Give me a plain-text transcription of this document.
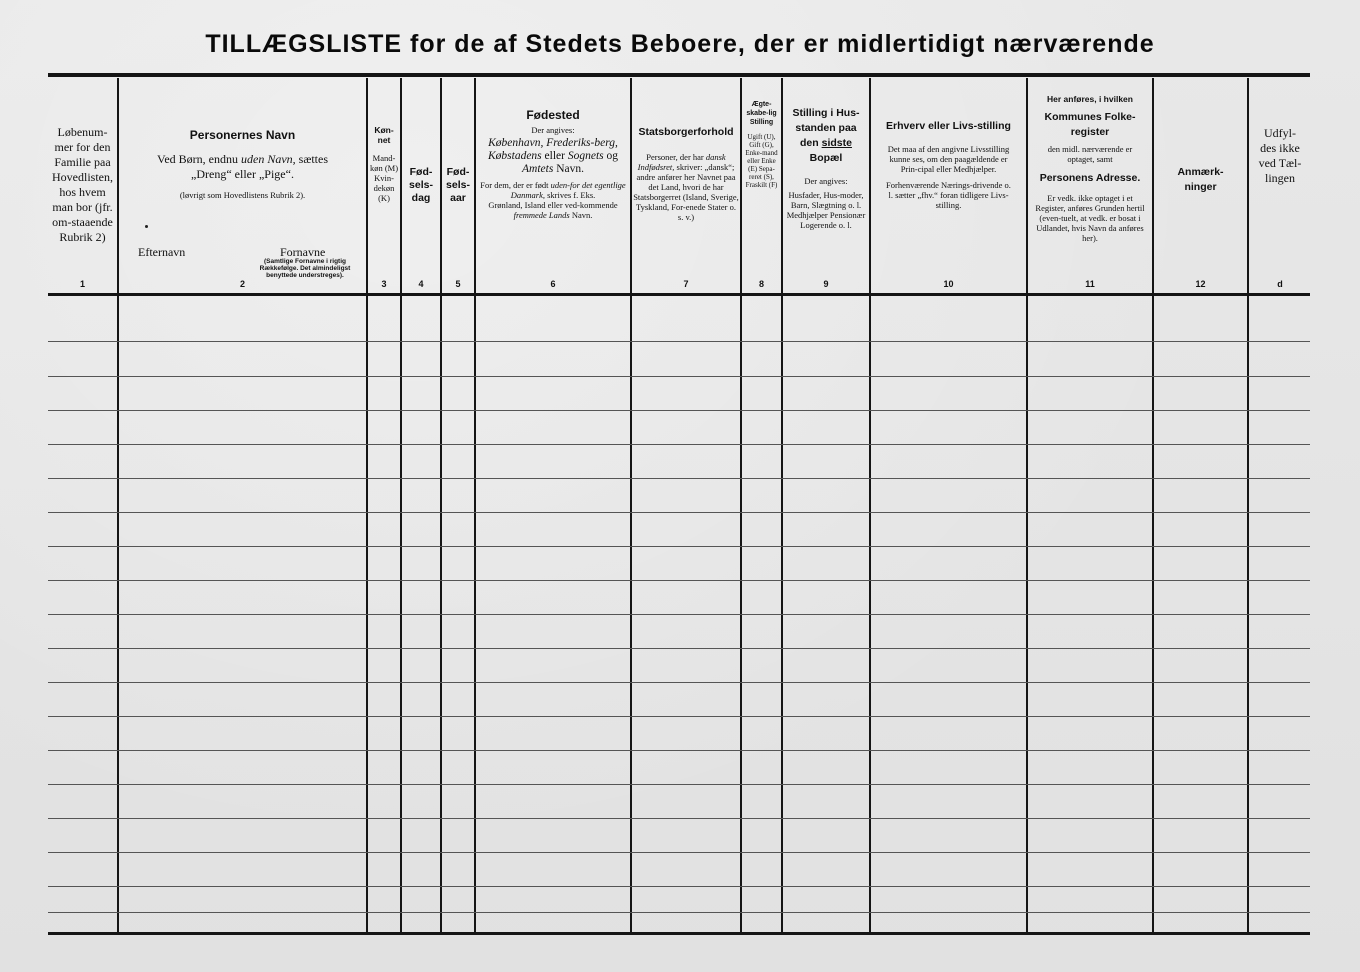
TILLÆGSLISTE for de af Stedets Beboere, der er midlertidigt nærværende
Løbenum-mer for den Familie paa Hovedlisten, hos hvem man bor (jfr. om-staaende Rubrik 2)
1
Personernes Navn
Ved Børn, endnu uden Navn, sættes
„Dreng“ eller „Pige“.
(løvrigt som Hovedlistens Rubrik 2).
Efternavn	Fornavne
(Samtlige Fornavne i rigtig Rækkefølge. Det almindeligst benyttede understreges).
2
Køn-net
Mand-køn (M) Kvin-dekøn (K)
3
Fød-sels-dag
4
Fød-sels-aar
5
Fødested
Der angives:
København, Frederiks-berg, Købstadens eller Sognets og Amtets Navn.
For dem, der er født uden-for det egentlige Danmark, skrives f. Eks.
Grønland, Island eller ved-kommende fremmede Lands Navn.
6
Statsborgerforhold
Personer, der har dansk Indfødsret, skriver: „dansk“; andre anfører her Navnet paa det Land, hvori de har Statsborgerret (Island, Sverige, Tyskland, For-enede Stater o. s. v.)
7
Ægte-skabe-lig Stilling
Ugift (U), Gift (G), Enke-mand eller Enke (E) Sepa-reret (S), Fraskilt (F)
8
Stilling i Hus-standen paa den sidste Bopæl
Der angives:
Husfader, Hus-moder, Barn, Slægtning o. l. Medhjælper Pensionær Logerende o. l.
9
Erhverv eller Livs-stilling
Det maa af den angivne Livsstilling kunne ses, om den paagældende er Prin-cipal eller Medhjælper.
Forhenværende Nærings-drivende o. l. sætter „fhv.“ foran tidligere Livs-stilling.
10
Her anføres, i hvilken
Kommunes Folke-register
den midl. nærværende er optaget, samt
Personens Adresse.
Er vedk. ikke optaget i et Register, anføres Grunden hertil (even-tuelt, at vedk. er bosat i Udlandet, hvis Navn da anføres her).
11
Anmærk-ninger
12
Udfyl-des ikke ved Tæl-lingen
d
